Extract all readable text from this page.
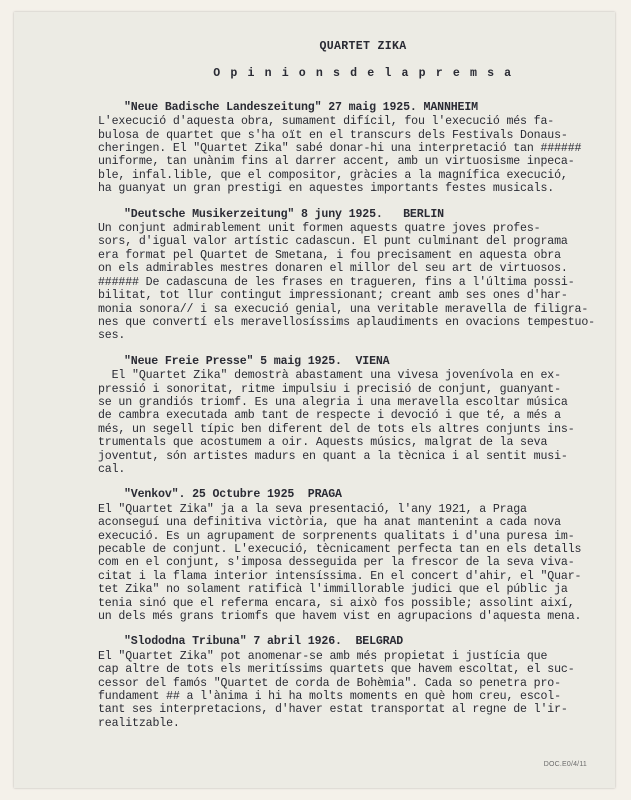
QUARTET ZIKA
O p i n i o n s d e l a p r e m s a
"Neue Badische Landeszeitung" 27 maig 1925. MANNHEIM
L'execució d'aquesta obra, sumament difícil, fou l'execució més fa-
bulosa de quartet que s'ha oït en el transcurs dels Festivals Donaus-
cheringen. El "Quartet Zika" sabé donar-hi una interpretació tan ######
uniforme, tan unànim fins al darrer accent, amb un virtuosisme inpeca-
ble, infal.lible, que el compositor, gràcies a la magnífica execució,
ha guanyat un gran prestigi en aquestes importants festes musicals.
"Deutsche Musikerzeitung" 8 juny 1925.   BERLIN
Un conjunt admirablement unit formen aquests quatre joves profes-
sors, d'igual valor artístic cadascun. El punt culminant del programa
era format pel Quartet de Smetana, i fou precisament en aquesta obra
on els admirables mestres donaren el millor del seu art de virtuosos.
###### De cadascuna de les frases en tragueren, fins a l'última possi-
bilitat, tot llur contingut impressionant; creant amb ses ones d'har-
monia sonora// i sa execució genial, una veritable meravella de filigra-
nes que convertí els meravellosíssims aplaudiments en ovacions tempestuo-
ses.
"Neue Freie Presse" 5 maig 1925.  VIENA
El "Quartet Zika" demostrà abastament una vivesa jovenívola en ex-
pressió i sonoritat, ritme impulsiu i precisió de conjunt, guanyant-
se un grandiós triomf. Es una alegria i una meravella escoltar música
de cambra executada amb tant de respecte i devoció i que té, a més a
més, un segell típic ben diferent del de tots els altres conjunts ins-
trumentals que acostumem a oir. Aquests músics, malgrat de la seva
joventut, són artistes madurs en quant a la tècnica i al sentit musi-
cal.
"Venkov". 25 Octubre 1925  PRAGA
El "Quartet Zika" ja a la seva presentació, l'any 1921, a Praga
aconseguí una definitiva victòria, que ha anat mantenint a cada nova
execució. Es un agrupament de sorprenents qualitats i d'una puresa im-
pecable de conjunt. L'execució, tècnicament perfecta tan en els detalls
com en el conjunt, s'imposa desseguida per la frescor de la seva viva-
citat i la flama interior intensíssima. En el concert d'ahir, el "Quar-
tet Zika" no solament ratificà l'immillorable judici que el públic ja
tenia sinó que el referma encara, si això fos possible; assolint així,
un dels més grans triomfs que havem vist en agrupacions d'aquesta mena.
"Slododna Tribuna" 7 abril 1926.  BELGRAD
El "Quartet Zika" pot anomenar-se amb més propietat i justícia que
cap altre de tots els meritíssims quartets que havem escoltat, el suc-
cessor del famós "Quartet de corda de Bohèmia". Cada so penetra pro-
fundament ## a l'ànima i hi ha molts moments en què hom creu, escol-
tant ses interpretacions, d'haver estat transportat al regne de l'ir-
realitzable.
DOC.E0/4/11
